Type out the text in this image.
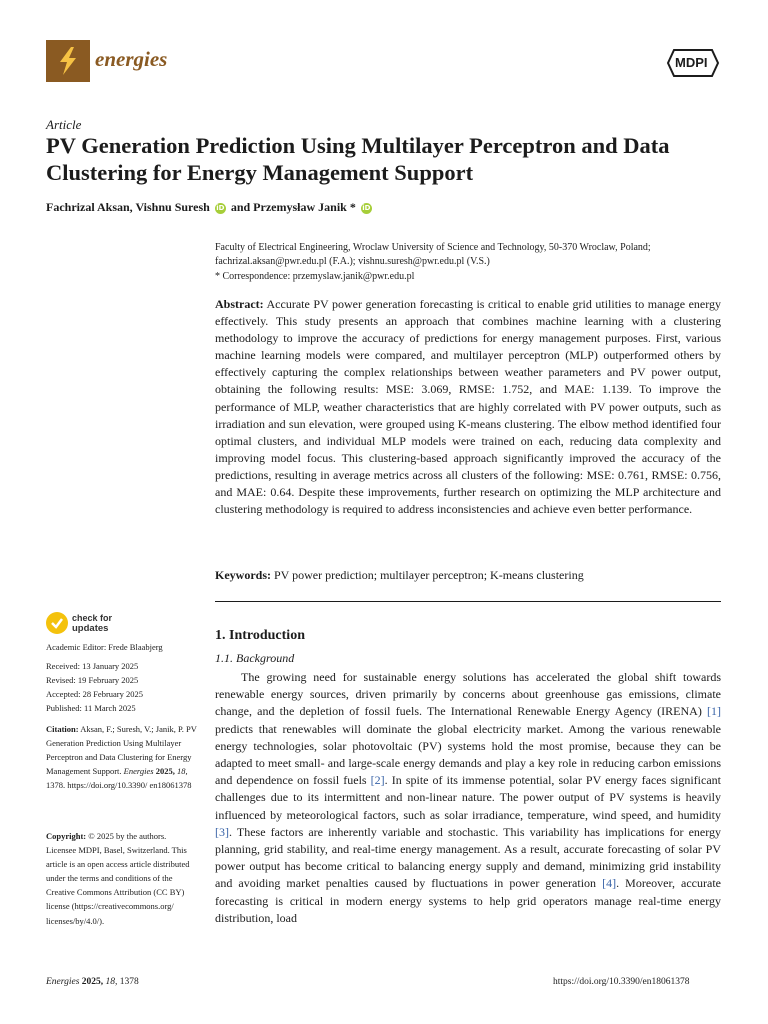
energies	MDPI
Article
PV Generation Prediction Using Multilayer Perceptron and Data Clustering for Energy Management Support
Fachrizal Aksan, Vishnu Suresh iD and Przemysław Janik * iD
Faculty of Electrical Engineering, Wroclaw University of Science and Technology, 50-370 Wroclaw, Poland;
fachrizal.aksan@pwr.edu.pl (F.A.); vishnu.suresh@pwr.edu.pl (V.S.)
* Correspondence: przemyslaw.janik@pwr.edu.pl

Abstract: Accurate PV power generation forecasting is critical to enable grid utilities to manage energy effectively. This study presents an approach that combines machine learning with a clustering methodology to improve the accuracy of predictions for energy management purposes. First, various machine learning models were compared, and multilayer perceptron (MLP) outperformed others by effectively capturing the complex relationships between weather parameters and PV power output, obtaining the following results: MSE: 3.069, RMSE: 1.752, and MAE: 1.139. To improve the performance of MLP, weather characteristics that are highly correlated with PV power outputs, such as irradiation and sun elevation, were grouped using K-means clustering. The elbow method identified four optimal clusters, and individual MLP models were trained on each, reducing data complexity and improving model focus. This clustering-based approach significantly improved the accuracy of the predictions, resulting in average metrics across all clusters of the following: MSE: 0.761, RMSE: 0.756, and MAE: 0.64. Despite these improvements, further research on optimizing the MLP architecture and clustering methodology is required to address inconsistencies and achieve even better performance.

Keywords: PV power prediction; multilayer perceptron; K-means clustering

check for
updates
Academic Editor: Frede Blaabjerg

Received: 13 January 2025

Revised: 19 February 2025

Accepted: 28 February 2025

Published: 11 March 2025

Citation: Aksan, F.; Suresh, V.; Janik, P. PV Generation Prediction Using Multilayer Perceptron and Data Clustering for Energy Management Support. Energies 2025, 18, 1378. https://doi.org/10.3390/ en18061378
Copyright: © 2025 by the authors. Licensee MDPI, Basel, Switzerland. This article is an open access article distributed under the terms and conditions of the Creative Commons Attribution (CC BY) license (https://creativecommons.org/ licenses/by/4.0/).
1. Introduction
1.1. Background

The growing need for sustainable energy solutions has accelerated the global shift towards renewable energy sources, driven primarily by concerns about greenhouse gas emissions, climate change, and the depletion of fossil fuels. The International Renewable Energy Agency (IRENA) [1] predicts that renewables will dominate the global electricity market. Among the various renewable energy technologies, solar photovoltaic (PV) systems hold the most promise, because they can be adapted to meet small- and large-scale energy demands and play a key role in reducing carbon emissions and dependence on fossil fuels [2]. In spite of its immense potential, solar PV energy faces significant challenges due to its intermittent and non-linear nature. The power output of PV systems is heavily influenced by meteorological factors, such as solar irradiance, temperature, wind speed, and humidity [3]. These factors are inherently variable and stochastic. This variability has implications for energy planning, grid stability, and real-time energy management. As a result, accurate forecasting of solar PV power output has become critical to balancing energy supply and demand, minimizing grid instability and avoiding market penalties caused by fluctuations in power generation [4]. Moreover, accurate forecasting is critical in modern energy systems to help grid operators manage real-time energy distribution, load

Energies 2025, 18, 1378	https://doi.org/10.3390/en18061378
